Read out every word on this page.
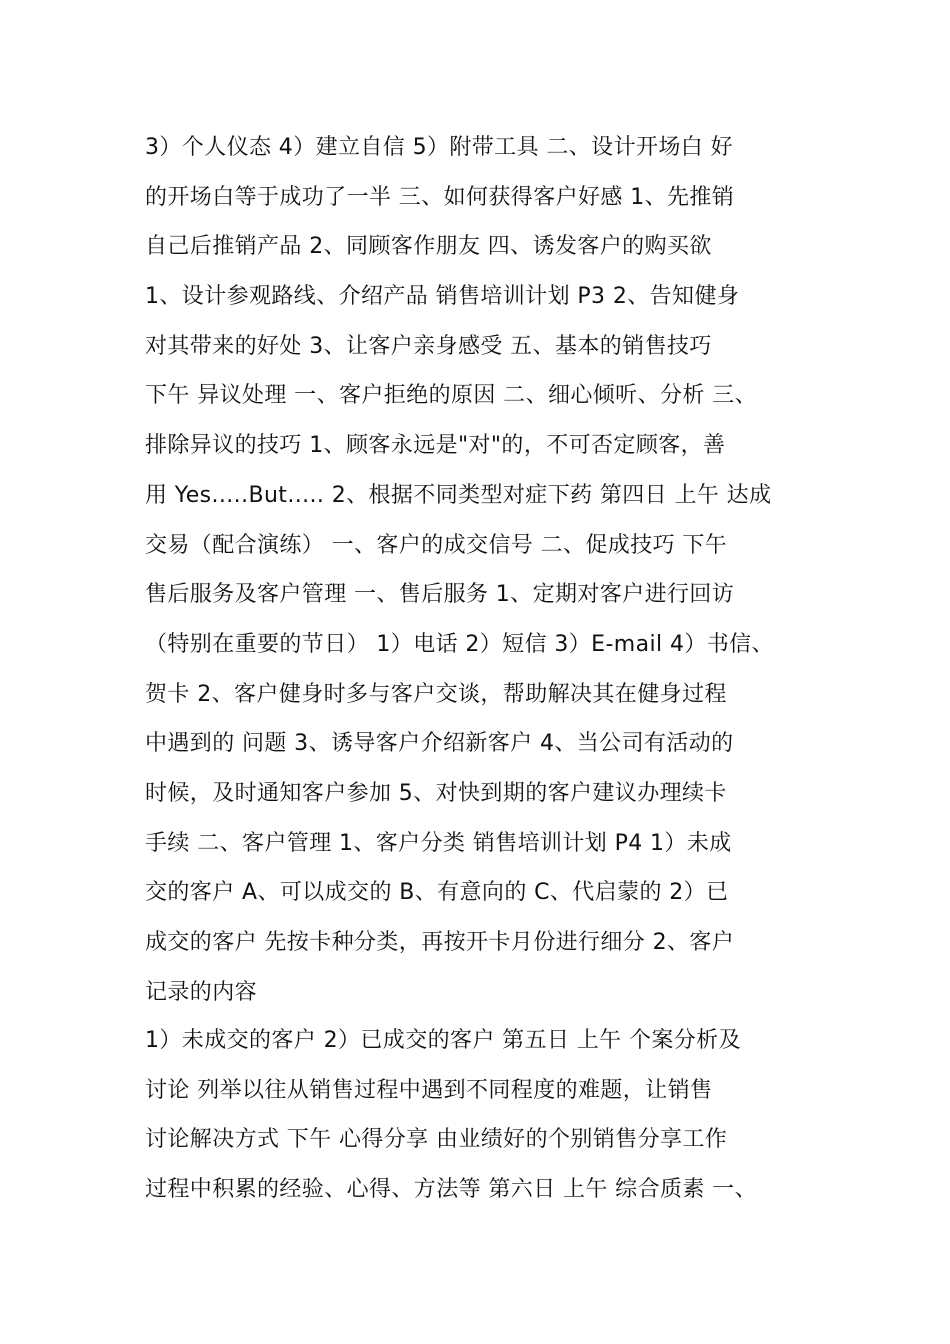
3）个人仪态 4）建立自信 5）附带工具 二、设计开场白 好
的开场白等于成功了一半 三、如何获得客户好感 1、先推销
自己后推销产品 2、同顾客作朋友 四、诱发客户的购买欲
1、设计参观路线、介绍产品 销售培训计划 P3 2、告知健身
对其带来的好处 3、让客户亲身感受 五、基本的销售技巧
下午 异议处理 一、客户拒绝的原因 二、细心倾听、分析 三、
排除异议的技巧 1、顾客永远是"对"的，不可否定顾客，善
用 Yes.....But..... 2、根据不同类型对症下药 第四日 上午 达成
交易（配合演练） 一、客户的成交信号 二、促成技巧 下午
售后服务及客户管理 一、售后服务 1、定期对客户进行回访
（特别在重要的节日） 1）电话 2）短信 3）E-mail 4）书信、
贺卡 2、客户健身时多与客户交谈，帮助解决其在健身过程
中遇到的 问题 3、诱导客户介绍新客户 4、当公司有活动的
时候，及时通知客户参加 5、对快到期的客户建议办理续卡
手续 二、客户管理 1、客户分类 销售培训计划 P4 1）未成
交的客户 A、可以成交的 B、有意向的 C、代启蒙的 2）已
成交的客户 先按卡种分类，再按开卡月份进行细分 2、客户
记录的内容
1）未成交的客户 2）已成交的客户 第五日 上午 个案分析及
讨论 列举以往从销售过程中遇到不同程度的难题，让销售
讨论解决方式 下午 心得分享 由业绩好的个别销售分享工作
过程中积累的经验、心得、方法等 第六日 上午 综合质素 一、
